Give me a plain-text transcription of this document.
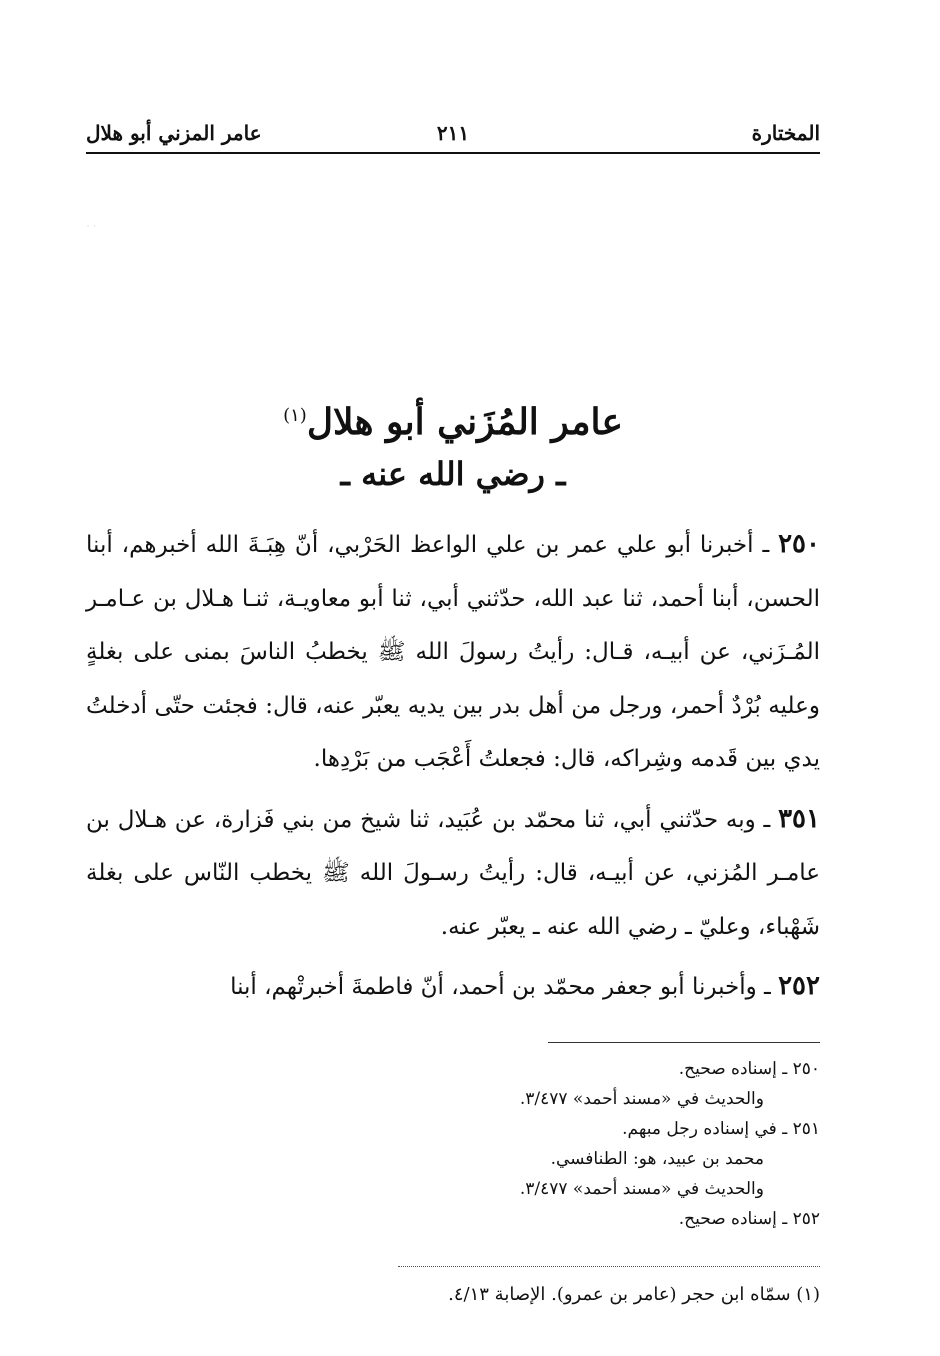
المختارة
٢١١
عامر المزني أبو هلال
˙ ˙
عامر المُزَني أبو هلال$^{(١)}$
ـ رضي الله عنه ـ

٢٥٠ ـ أخبرنا أبو علي عمر بن علي الواعظ الحَرْبي، أنّ هِبَـةَ الله أخبرهم، أبنا الحسن، أبنا أحمد، ثنا عبد الله، حدّثني أبي، ثنا أبو معاويـة، ثنـا هـلال بن عـامـر المُـزَني، عن أبيـه، قـال: رأيتُ رسولَ الله ﷺ يخطبُ الناسَ بمنى على بغلةٍ وعليه بُرْدٌ أحمر، ورجل من أهل بدر بين يديه يعبّر عنه، قال: فجئت حتّى أدخلتُ يدي بين قَدمه وشِراكه، قال: فجعلتُ أَعْجَب من بَرْدِها.

٣٥١ ـ وبه حدّثني أبي، ثنا محمّد بن عُبَيد، ثنا شيخ من بني فَزارة، عن هـلال بن عامـر المُزني، عن أبيـه، قال: رأيتُ رسـولَ الله ﷺ يخطب النّاس على بغلة شَهْباء، وعليّ ـ رضي الله عنه ـ يعبّر عنه.

٢٥٢ ـ وأخبرنا أبو جعفر محمّد بن أحمد، أنّ فاطمةَ أخبرتْهم، أبنا

٢٥٠ ـ إسناده صحيح.
والحديث في «مسند أحمد» ٣/٤٧٧.
٢٥١ ـ في إسناده رجل مبهم.
محمد بن عبيد، هو: الطنافسي.
والحديث في «مسند أحمد» ٣/٤٧٧.
٢٥٢ ـ إسناده صحيح.
(١) سمّاه ابن حجر (عامر بن عمرو). الإصابة ٤/١٣.
